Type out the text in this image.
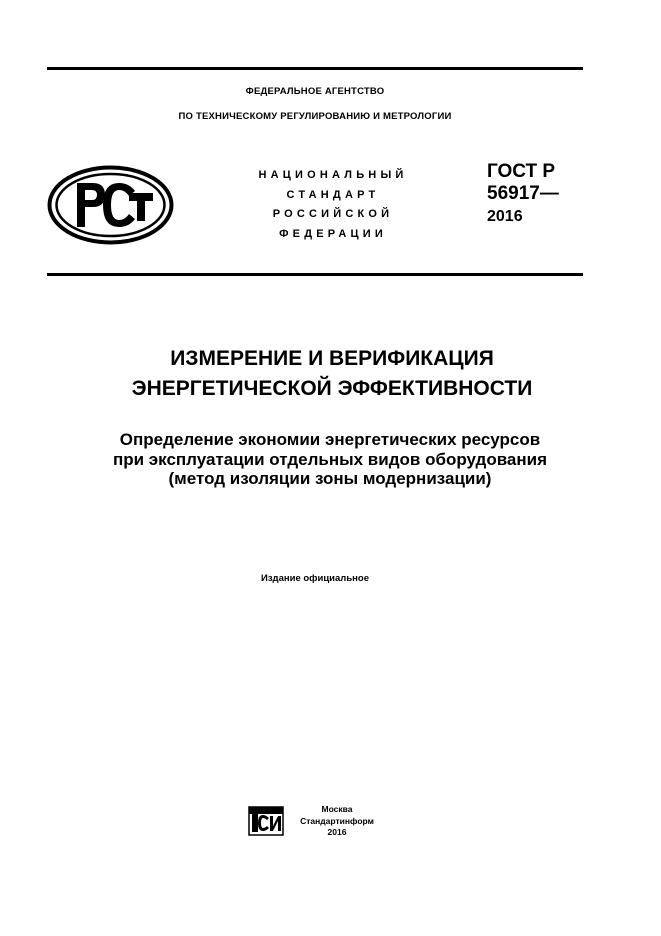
ФЕДЕРАЛЬНОЕ АГЕНТСТВО
ПО ТЕХНИЧЕСКОМУ РЕГУЛИРОВАНИЮ И МЕТРОЛОГИИ
НАЦИОНАЛЬНЫЙ
СТАНДАРТ
РОССИЙСКОЙ
ФЕДЕРАЦИИ
ГОСТ Р
56917—
2016
ИЗМЕРЕНИЕ И ВЕРИФИКАЦИЯ
ЭНЕРГЕТИЧЕСКОЙ ЭФФЕКТИВНОСТИ
Определение экономии энергетических ресурсов
при эксплуатации отдельных видов оборудования
(метод изоляции зоны модернизации)
Издание официальное
Москва
Стандартинформ
2016
